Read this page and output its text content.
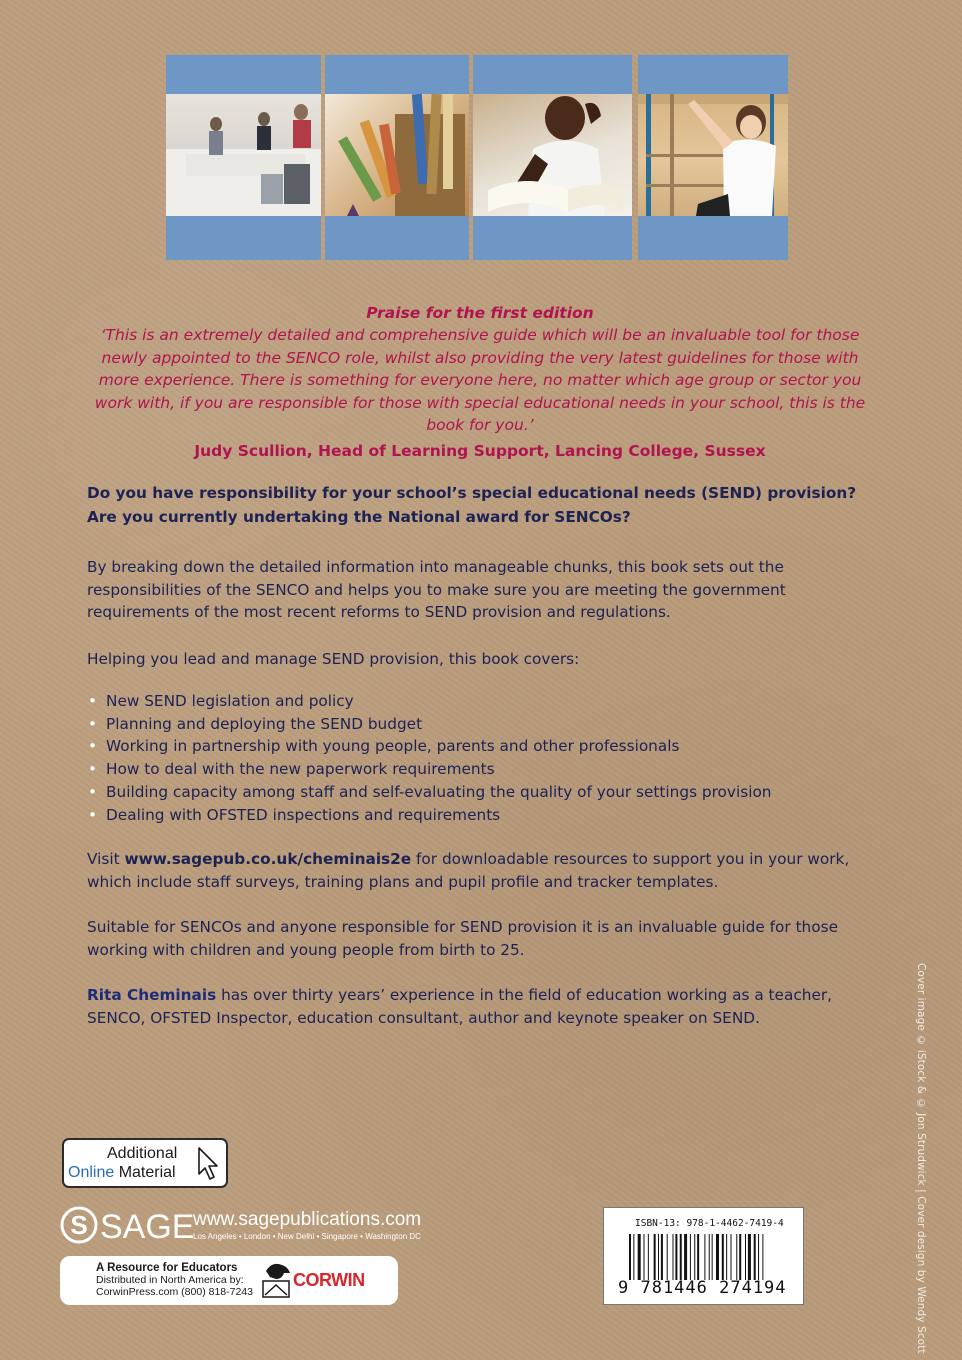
Praise for the first edition
‘This is an extremely detailed and comprehensive guide which will be an invaluable tool for those newly appointed to the SENCO role, whilst also providing the very latest guidelines for those with more experience. There is something for everyone here, no matter which age group or sector you work with, if you are responsible for those with special educational needs in your school, this is the book for you.’
Judy Scullion, Head of Learning Support, Lancing College, Sussex
Do you have responsibility for your school’s special educational needs (SEND) provision?
Are you currently undertaking the National award for SENCOs?
By breaking down the detailed information into manageable chunks, this book sets out the responsibilities of the SENCO and helps you to make sure you are meeting the government requirements of the most recent reforms to SEND provision and regulations.
Helping you lead and manage SEND provision, this book covers:
• New SEND legislation and policy
• Planning and deploying the SEND budget
• Working in partnership with young people, parents and other professionals
• How to deal with the new paperwork requirements
• Building capacity among staff and self-evaluating the quality of your settings provision
• Dealing with OFSTED inspections and requirements
Visit www.sagepub.co.uk/cheminais2e for downloadable resources to support you in your work, which include staff surveys, training plans and pupil profile and tracker templates.
Suitable for SENCOs and anyone responsible for SEND provision it is an invaluable guide for those working with children and young people from birth to 25.
Rita Cheminais has over thirty years’ experience in the field of education working as a teacher, SENCO, OFSTED Inspector, education consultant, author and keynote speaker on SEND.	Cover image © iStock & © Jon Strudwick | Cover design by Wendy Scott
Additional
Online Material
S SAGE
www.sagepublications.com
Los Angeles • London • New Delhi • Singapore • Washington DC
A Resource for Educators
Distributed in North America by:
CorwinPress.com (800) 818-7243
CORWIN
ISBN-13: 978-1-4462-7419-4
9 781446 274194
